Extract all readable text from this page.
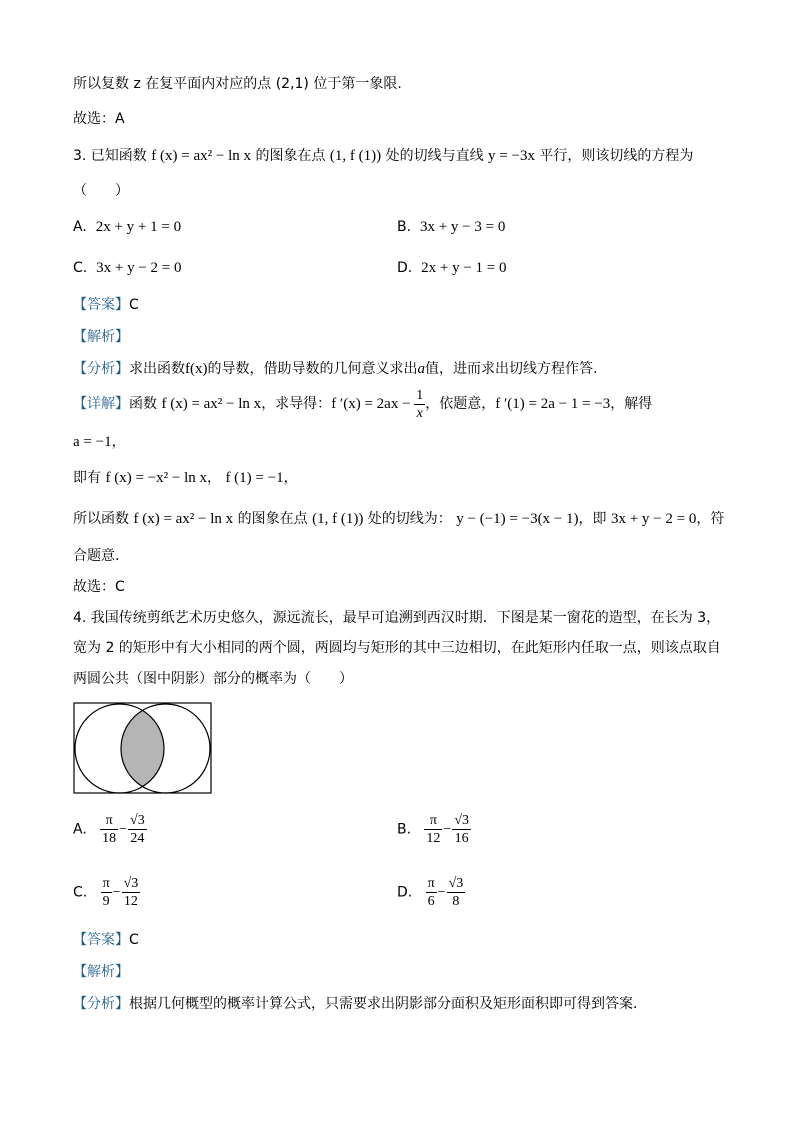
所以复数 z 在复平面内对应的点 (2,1) 位于第一象限.
故选：A
3. 已知函数 f (x) = ax² − ln x 的图象在点 (1, f (1)) 处的切线与直线 y = −3x 平行，则该切线的方程为
（　　）
A. 2x + y + 1 = 0	B. 3x + y − 3 = 0
C. 3x + y − 2 = 0	D. 2x + y − 1 = 0
【答案】C
【解析】
【分析】求出函数f(x)的导数，借助导数的几何意义求出a值，进而求出切线方程作答.
【详解】函数 f (x) = ax² − ln x，求导得：f $'(x) = 2ax - \frac{1}{x}$ ，依题意，f ′(1) = 2a − 1 = −3，解得
a = −1，
即有 f (x) = −x² − ln x， f (1) = −1，
所以函数 f (x) = ax² − ln x 的图象在点 (1, f (1)) 处的切线为： y − (−1) = −3(x − 1)，即 3x + y − 2 = 0，符
合题意.
故选：C
4. 我国传统剪纸艺术历史悠久，源远流长，最早可追溯到西汉时期．下图是某一窗花的造型，在长为 3，
宽为 2 的矩形中有大小相同的两个圆，两圆均与矩形的其中三边相切，在此矩形内任取一点，则该点取自
两圆公共（图中阴影）部分的概率为（　　）
A. $\frac{\pi}{18} - \frac{√3}{24}$	B. $\frac{\pi}{12} - \frac{√3}{16}$
C. $\frac{\pi}{9} - \frac{√3}{12}$	D. $\frac{\pi}{6} - \frac{√3}{8}$
【答案】C
【解析】
【分析】根据几何概型的概率计算公式，只需要求出阴影部分面积及矩形面积即可得到答案．
